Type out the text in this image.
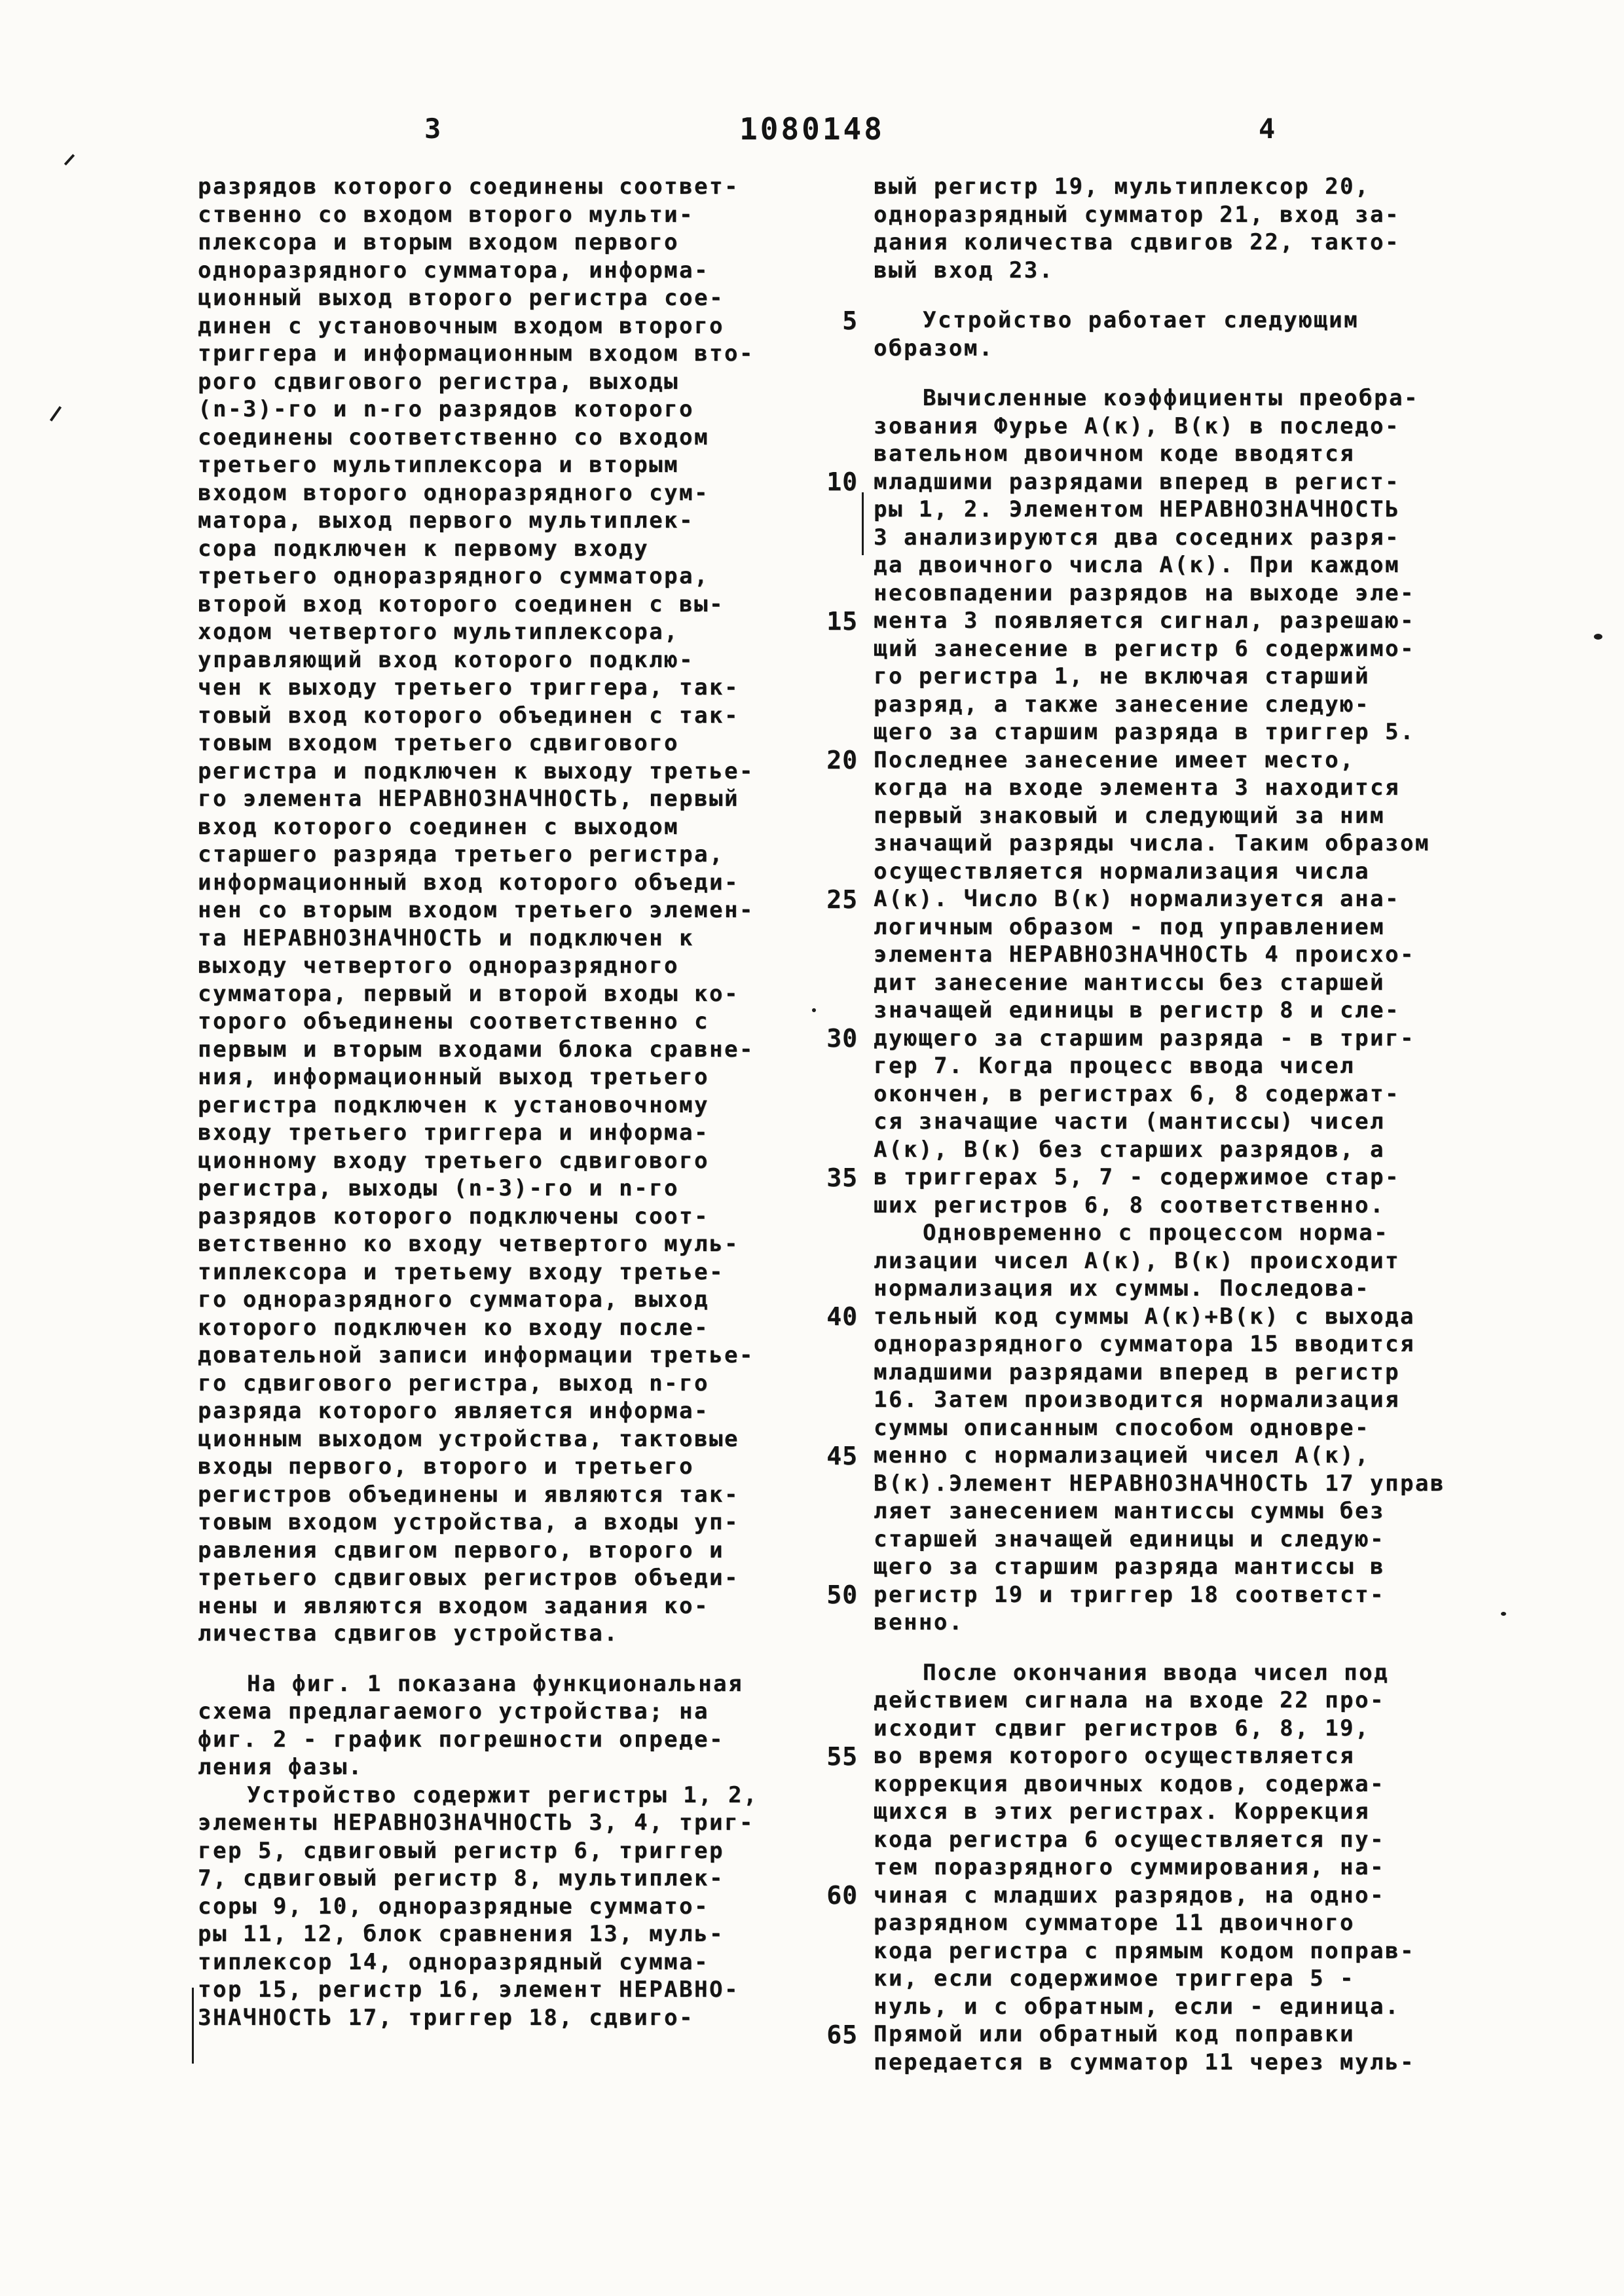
3	1080148	4
разрядов которого соединены соответ-
ственно со входом второго мульти-
плексора и вторым входом первого
одноразрядного сумматора, информа-
ционный выход второго регистра сое-
динен с установочным входом второго
триггера и информационным входом вто-
рого сдвигового регистра, выходы
(n-3)-го и n-го разрядов которого
соединены соответственно со входом
третьего мультиплексора и вторым
входом второго одноразрядного сум-
матора, выход первого мультиплек-
сора подключен к первому входу
третьего одноразрядного сумматора,
второй вход которого соединен с вы-
ходом четвертого мультиплексора,
управляющий вход которого подклю-
чен к выходу третьего триггера, так-
товый вход которого объединен с так-
товым входом третьего сдвигового
регистра и подключен к выходу третье-
го элемента НЕРАВНОЗНАЧНОСТЬ, первый
вход которого соединен с выходом
старшего разряда третьего регистра,
информационный вход которого объеди-
нен со вторым входом третьего элемен-
та НЕРАВНОЗНАЧНОСТЬ и подключен к
выходу четвертого одноразрядного
сумматора, первый и второй входы ко-
торого объединены соответственно с
первым и вторым входами блока сравне-
ния, информационный выход третьего
регистра подключен к установочному
входу третьего триггера и информа-
ционному входу третьего сдвигового
регистра, выходы (n-3)-го и n-го
разрядов которого подключены соот-
ветственно ко входу четвертого муль-
типлексора и третьему входу третье-
го одноразрядного сумматора, выход
которого подключен ко входу после-
довательной записи информации третье-
го сдвигового регистра, выход n-го
разряда которого является информа-
ционным выходом устройства, тактовые
входы первого, второго и третьего
регистров объединены и являются так-
товым входом устройства, а входы уп-
равления сдвигом первого, второго и
третьего сдвиговых регистров объеди-
нены и являются входом задания ко-
личества сдвигов устройства.
На фиг. 1 показана функциональная
схема предлагаемого устройства; на
фиг. 2 - график погрешности опреде-
ления фазы.
Устройство содержит регистры 1, 2,
элементы НЕРАВНОЗНАЧНОСТЬ 3, 4, триг-
гер 5, сдвиговый регистр 6, триггер
7, сдвиговый регистр 8, мультиплек-
соры 9, 10, одноразрядные суммато-
ры 11, 12, блок сравнения 13, муль-
типлексор 14, одноразрядный сумма-
тор 15, регистр 16, элемент НЕРАВНО-
ЗНАЧНОСТЬ 17, триггер 18, сдвиго-
5
10
15
20
25
30
35
40
45
50
55
60
65
вый регистр 19, мультиплексор 20,
одноразрядный сумматор 21, вход за-
дания количества сдвигов 22, такто-
вый вход 23.
Устройство работает следующим
образом.
Вычисленные коэффициенты преобра-
зования Фурье А(к), В(к) в последо-
вательном двоичном коде вводятся
младшими разрядами вперед в регист-
ры 1, 2. Элементом НЕРАВНОЗНАЧНОСТЬ
3 анализируются два соседних разря-
да двоичного числа А(к). При каждом
несовпадении разрядов на выходе эле-
мента 3 появляется сигнал, разрешаю-
щий занесение в регистр 6 содержимо-
го регистра 1, не включая старший
разряд, а также занесение следую-
щего за старшим разряда в триггер 5.
Последнее занесение имеет место,
когда на входе элемента 3 находится
первый знаковый и следующий за ним
значащий разряды числа. Таким образом
осуществляется нормализация числа
А(к). Число В(к) нормализуется ана-
логичным образом - под управлением
элемента НЕРАВНОЗНАЧНОСТЬ 4 происхо-
дит занесение мантиссы без старшей
значащей единицы в регистр 8 и сле-
дующего за старшим разряда - в триг-
гер 7. Когда процесс ввода чисел
окончен, в регистрах 6, 8 содержат-
ся значащие части (мантиссы) чисел
А(к), В(к) без старших разрядов, а
в триггерах 5, 7 - содержимое стар-
ших регистров 6, 8 соответственно.
Одновременно с процессом норма-
лизации чисел А(к), В(к) происходит
нормализация их суммы. Последова-
тельный код суммы А(к)+В(к) с выхода
одноразрядного сумматора 15 вводится
младшими разрядами вперед в регистр
16. Затем производится нормализация
суммы описанным способом одновре-
менно с нормализацией чисел А(к),
В(к).Элемент НЕРАВНОЗНАЧНОСТЬ 17 управ
ляет занесением мантиссы суммы без
старшей значащей единицы и следую-
щего за старшим разряда мантиссы в
регистр 19 и триггер 18 соответст-
венно.
После окончания ввода чисел под
действием сигнала на входе 22 про-
исходит сдвиг регистров 6, 8, 19,
во время которого осуществляется
коррекция двоичных кодов, содержа-
щихся в этих регистрах. Коррекция
кода регистра 6 осуществляется пу-
тем поразрядного суммирования, на-
чиная с младших разрядов, на одно-
разрядном сумматоре 11 двоичного
кода регистра с прямым кодом поправ-
ки, если содержимое триггера 5 -
нуль, и с обратным, если - единица.
Прямой или обратный код поправки
передается в сумматор 11 через муль-
